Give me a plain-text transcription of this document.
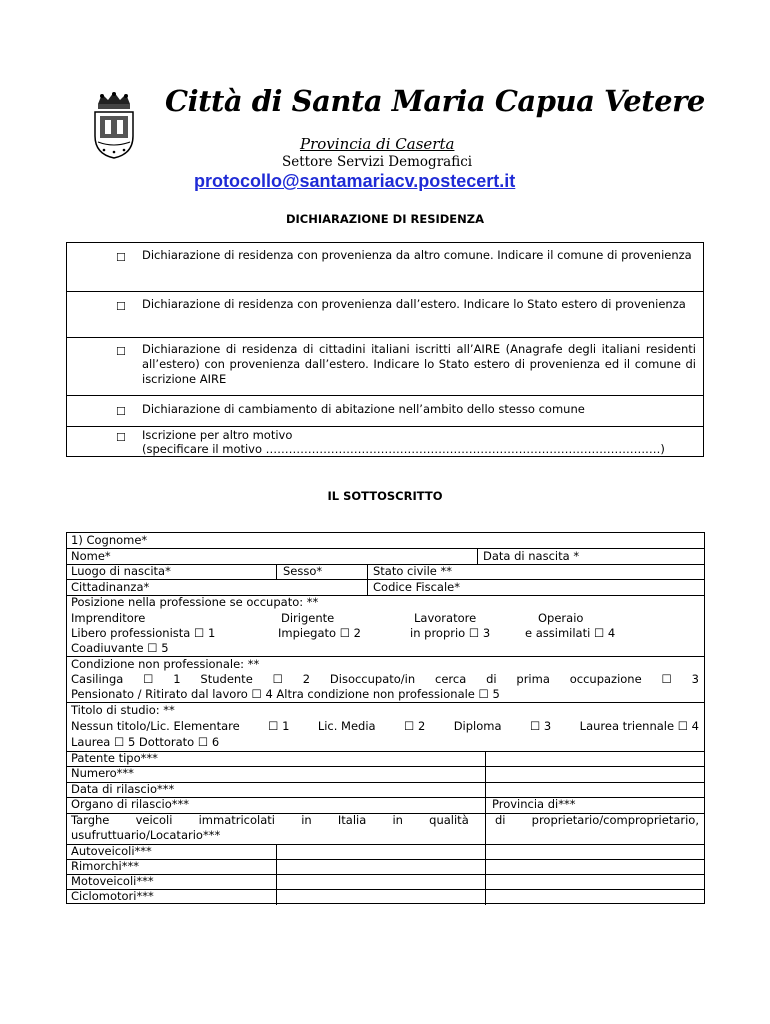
Città di Santa Maria Capua Vetere
Provincia di Caserta
Settore Servizi Demografici
protocollo@santamariacv.postecert.it
DICHIARAZIONE DI RESIDENZA
☐ Dichiarazione di residenza con provenienza da altro comune. Indicare il comune di provenienza
☐ Dichiarazione di residenza con provenienza dall’estero. Indicare lo Stato estero di provenienza
☐ Dichiarazione di residenza di cittadini italiani iscritti all’AIRE (Anagrafe degli italiani residenti all’estero) con provenienza dall’estero. Indicare lo Stato estero di provenienza ed il comune di iscrizione AIRE
☐ Dichiarazione di cambiamento di abitazione nell’ambito dello stesso comune
☐ Iscrizione per altro motivo
(specificare il motivo ……………………………………………………………………………………….…)
IL SOTTOSCRITTO
1) Cognome*
Nome*	Data di nascita *
Luogo di nascita*	Sesso*	Stato civile **
Cittadinanza*	Codice Fiscale*
Posizione nella professione se occupato: **
Imprenditore	Dirigente	Lavoratore	Operaio
Libero professionista ☐ 1	Impiegato ☐ 2	in proprio ☐ 3	e assimilati ☐ 4
Coadiuvante ☐ 5
Condizione non professionale: **
Casilinga ☐ 1 Studente ☐ 2 Disoccupato/in cerca di prima occupazione ☐ 3
Pensionato / Ritirato dal lavoro ☐ 4 Altra condizione non professionale ☐ 5
Titolo di studio: **
Nessun titolo/Lic. Elementare ☐ 1 Lic. Media ☐ 2 Diploma ☐ 3 Laurea triennale ☐ 4
Laurea ☐ 5 Dottorato ☐ 6
Patente tipo***
Numero***
Data di rilascio***
Organo di rilascio***	Provincia di***
Targhe veicoli immatricolati in Italia in qualità di proprietario/comproprietario,
usufruttuario/Locatario***
Autoveicoli***
Rimorchi***
Motoveicoli***
Ciclomotori***
